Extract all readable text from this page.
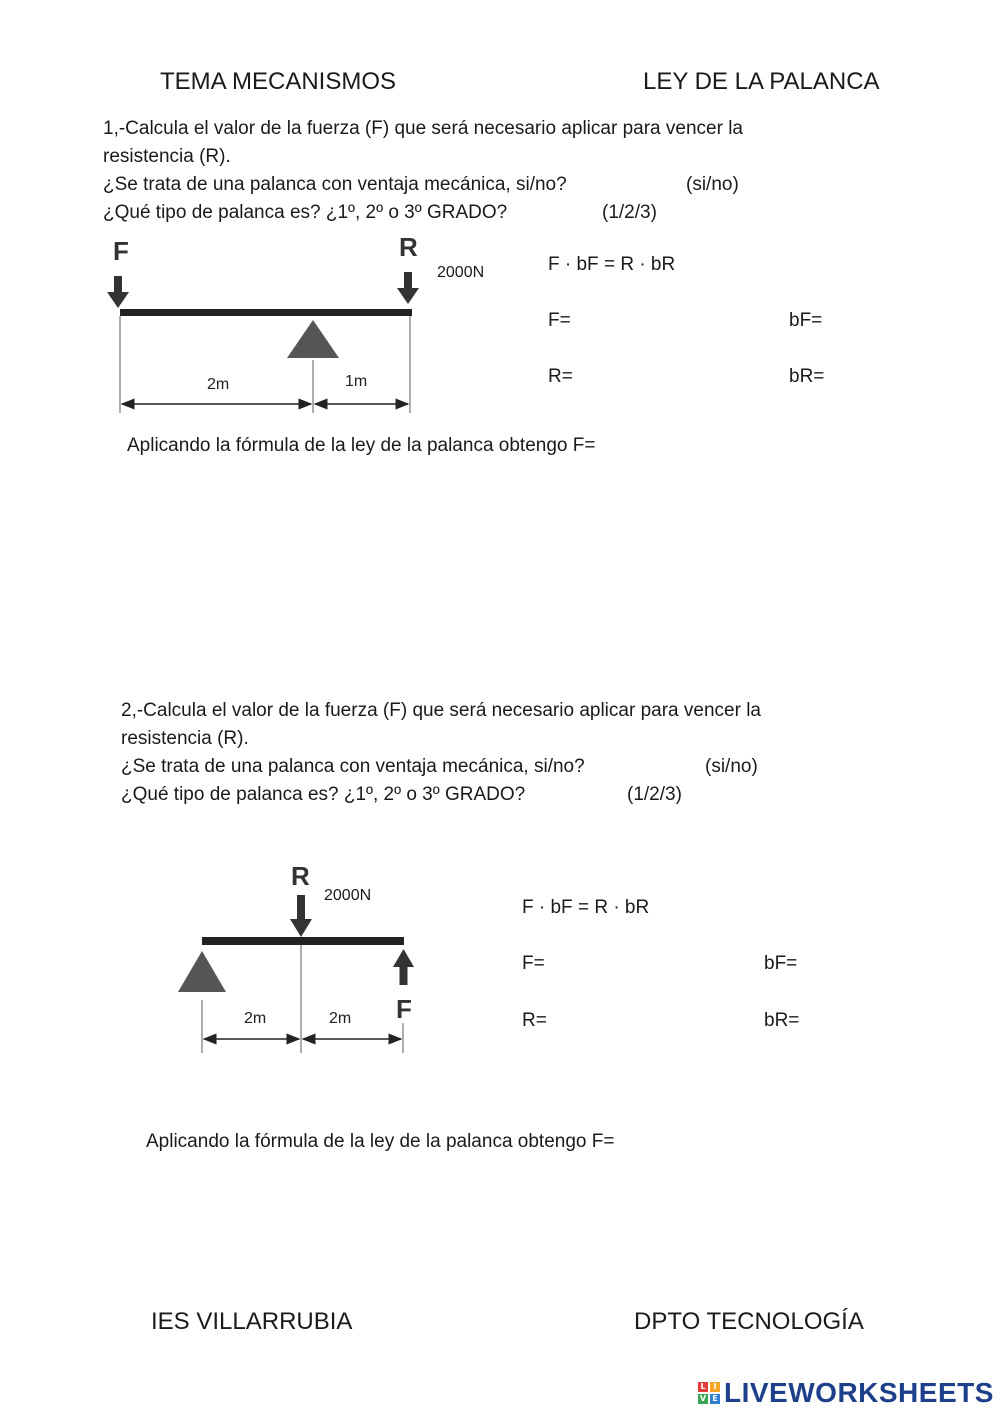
TEMA MECANISMOS	LEY DE LA PALANCA
1,-Calcula el valor de la fuerza (F) que será necesario aplicar para vencer la
resistencia (R).
¿Se trata de una palanca con ventaja mecánica, si/no?	(si/no)
¿Qué tipo de palanca es? ¿1º, 2º o 3º GRADO?	(1/2/3)
F	R
2m	1m
2000N	F · bF = R · bR
F=	bF=
R=	bR=
Aplicando la fórmula de la ley de la palanca obtengo F=
2,-Calcula el valor de la fuerza (F) que será necesario aplicar para vencer la
resistencia (R).
¿Se trata de una palanca con ventaja mecánica, si/no?	(si/no)
¿Qué tipo de palanca es? ¿1º, 2º o 3º GRADO?	(1/2/3)
R
F
2m	2m
2000N
F · bF = R · bR
F=	bF=
R=	bR=
Aplicando la fórmula de la ley de la palanca obtengo F=
IES VILLARRUBIA	DPTO TECNOLOGÍA
L I
V E LIVEWORKSHEETS
